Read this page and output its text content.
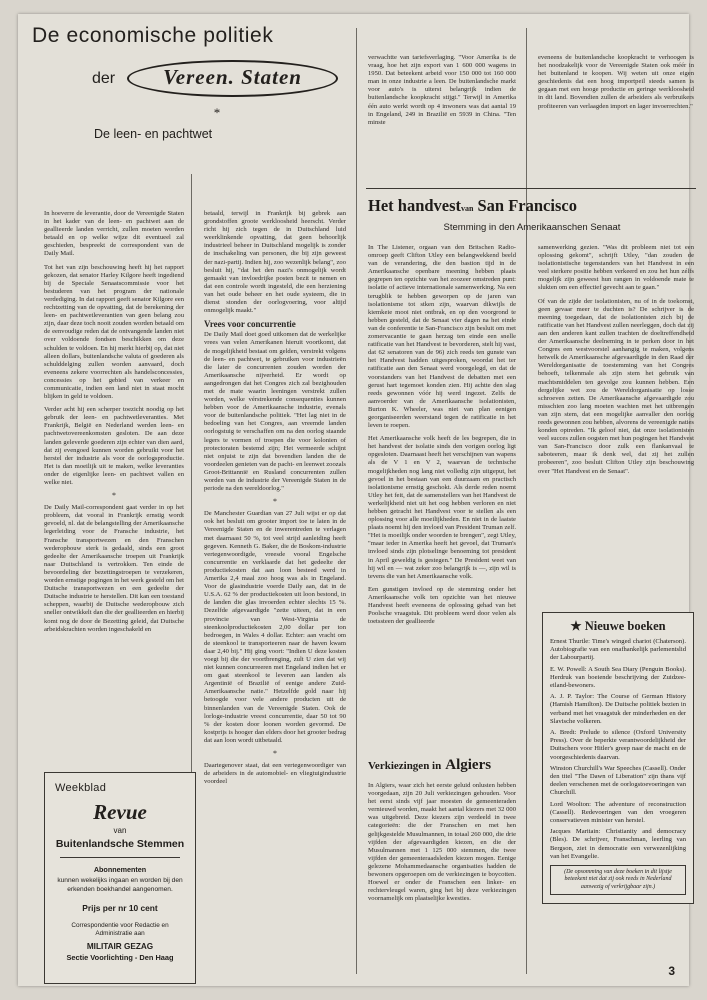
De economische politiek
der	Vereen. Staten
*
De leen- en pachtwet

In hoeverre de leverantie, door de Vereenigde Staten in het kader van de leen- en pachtwet aan de geallieerde landen verricht, zullen moeten worden betaald en op welke wijze dit eventueel zal geschieden, bespreekt de correspondent van de Daily Mail.

Tot het van zijn beschouwing heeft hij het rapport gekozen, dat senator Harley Kilgore heeft ingediend bij de Speciale Senaatscommissie voor het bestuderen van het program der nationale verdediging. In dat rapport geeft senator Kilgore een rechtzetting van de opvatting, dat de berekening der leen- en pachtwetleverantien van geen belang zou zijn, daar deze toch nooit zouden worden betaald om de eenvoudige reden dat de ontvangende landen niet over voldoende fondsen beschikken om deze schulden te voldoen. En hij merkt hierbij op, dat niet alleen dollars, buitenlandsche valuta of goederen als schulddelging zullen worden aanvaard, doch eveneens zekere voorrechten als handelsconcessies, concessies op het gebied van verkeer en communicatie, indien een land niet in staat mocht blijken in geld te voldoen.

Verder acht hij een scherper toezicht noodig op het gebruik der leen- en pachtwetleveranties. Met Frankrijk, België en Nederland werden leen- en pachtwetovereenkomsten gesloten. De aan deze landen geleverde goederen zijn echter van dien aard, dat zij evengoed kunnen worden gebruikt voor het herstel der industrie als voor de oorlogsproductie. Het is dan moeilijk uit te maken, welke leveranties onder de eigenlijke leen- en pachtwet vallen en welke niet.

*

De Daily Mail-correspondent gaat verder in op het probleem, dat vooral in Frankrijk ernstig wordt gevoeld, nl. dat de belangstelling der Amerikaansche legerleiding voor de Fransche industrie, het Fransche transportwezen en den Franschen wederopbouw sterk is gedaald, sinds een groot gedeelte der Amerikaansche troepen uit Frankrijk naar Duitschland is vertrokken. Ten einde de bevoordeling der bezettingstroepen te verzekeren, worden ernstige pogingen in het werk gesteld om het Duitsche transportwezen en een gedeelte der Duitsche industrie te herstellen. Dit kan een toestand scheppen, waarbij de Duitsche wederopbouw zich sneller ontwikkelt dan die der geallieerden en hierbij komt nog de door de Bezetting geleid, dat Duitsche arbeidskrachten worden ingeschakeld en

betaald, terwijl in Frankrijk bij gebrek aan grondstoffen groote werkloosheid heerscht. Verder richt hij zich tegen de in Duitschland luid weerklinkende opvatting, dat geen behoorlijk industrieel beheer in Duitschland mogelijk is zonder de inschakeling van personen, die bij zijn geweest der nazi-partij. Indien hij, zoo wezenlijk belang", zoo besluit hij, "dat het den nazi's onmogelijk wordt gemaakt van invloedrijke posten bezit te nemen en dat een controle wordt ingesteld, die een herziening van het oude beheer en het oude systeem, die in dienst stonden der oorlogvoering, voor altijd onmogelijk maakt."

Vrees voor concurrentie

De Daily Mail doet goed uitkomen dat de werkelijke vrees van velen Amerikanen hieruit voortkomt, dat de mogelijkheid bestaat om gelden, verstrekt volgens de leen- en pachtwet, te gebruiken voor industrieën die later de concurrenten zouden worden der Amerikaansche nijverheid. Er wordt op aangedrongen dat het Congres zich zal bezighouden met de mate waarin leeningen verstrekt zullen worden, welke vérstrekende consequenties kunnen hebben voor de Amerikaansche industrie, evenals voor de buitenlandsche politiek. "Het lag niet in de bedoeling van het Congres, aan vreemde landen oorlogstuig te verschaffen om na den oorlog staande legers te vormen of troepen die voor kolonien of protectoraten bestemd zijn; Het vermeerde schijnt niet onjuist te zijn dat bovendien landen die de voordeelen genieten van de pacht- en leenwet zoozals Groot-Brittannië en Rusland concurrenten zullen worden van de industrie der Vereenigde Staten in de periode na den wereldoorlog."

*

De Manchester Guardian van 27 Juli wijst er op dat ook het besluit om grooter import toe te laten in de Vereenigde Staten en de inwerentreden te verlagen met daarnaast 50 %, tot veel strijd aanleiding heeft gegeven. Kenneth G. Baker, die de Boskom-industrie vertegenwoordigde, vreesde vooral Engelsche concurrentie en verklaarde dat het gedeelte der productiekosten dat aan loon besteed werd in Amerika 2,4 maal zoo hoog was als in Engeland. Voor de glasindustrie voerde Daily aan, dat in de U.S.A. 62 % der productiekosten uit loon bestond, in de landen die glas invoerden echter slechts 15 %. Dezelfde afgevaardigde "zette uiteen, dat in een provincie van West-Virginia de steenkoolproductiekosten 2,00 dollar per ton bedroegen, in Wales 4 dollar. Echter: aan vracht om de steenkool te transporteeren naar de haven kwam daar 2,40 bij." Hij ging voort: "Indien U deze kosten voegt bij die der voortbrenging, zult U zien dat wij niet kunnen concurreeren met Engeland indien het er om gaat steenkool te leveren aan landen als Argentinië of Brazilië of eenige andere Zuid-Amerikaansche natie." Hetzelfde gold naar hij betoogde voor vele andere producten uit de binnenlanden van de Vereenigde Staten. Ook de lorloge-industrie vreest concurrentie, daar 50 tot 90 % der kosten door loonen worden gevormd. De kostprijs is hooger dan elders door het grooter bedrag dat aan loon wordt uitbetaald.

*

Daartegenover staat, dat een vertegenwoordiger van de arbeiders in de automobiel- en vliegtuigindustrie voordeel

verwachtte van tariefsverlaging. "Voor Amerika is de vraag, hoe het zijn export van 1 600 000 wagens in 1950. Dat beteekent arbeid voor 150 000 tot 160 000 man in onze industrie a leen. De buitenlandsche markt voor auto's is uiterst belangrijk indien de buitenlandsche koopkracht stijgt." Terwijl in Amerika één auto werkt wordt op 4 inwoners was dat aantal 19 in Engeland, 249 in Brazilië en 5939 in China. "Ten minste

eveneens de buitenlandsche koopkracht te verhoogen is het noodzakelijk voor de Vereenigde Staten ook méér in het buitenland te koopen. Wij weten uit onze eigen geschiedenis dat een hoog importpeil steeds samen is gegaan met een hooge productie en geringe werkloosheid in dit land. Bovendien zullen de arbeiders als verbruikers profiteeren van verlaagden import en lager invoerrechten."

Het handvestvan San Francisco
Stemming in den Amerikaanschen Senaat

In The Listener, orgaan van den Britschen Radio-omroep geeft Clifton Utley een belangwekkend beeld van de verandering, die den bastion tijd in de Amerikaansche openbare meening hebben plaats gegrepen ten opzichte van het zoozeer omstreden punt: isolatie of actieve internationale samenwerking. Na een terugblik te hebben geworpen op de jaren van isolationisme tot stken zijn, waarvan dikwijls de kiemkeie mooi niet ontbrak, en op den voorgrond te hebben gesteld, dat de Senaat vier dagen na het einde van de conferentie te San-Francisco zijn besluit om met zomervacantie te gaan herzag ten einde een snelle ratificatie van het Handvest te bevorderen, stelt hij vast, dat 62 senatoren van de 96) zich reeds ten gunste van het Handvest hadden uitgesproken, woordat het ter ratificatie aan den Senaat werd voorgelegd, en dat de voorstanders van het Handvest de debatten met een gerust hart tegemoet konden zien. Hij achtte den slag reeds gewonnen vóór hij werd ingezet. Zelfs de aanvoerder van de Amerikaansche isolationisten, Burton K. Wheeler, was niet van plan eenigen georganiseerden weerstand tegen de ratificatie in het leven te roepen.

Het Amerikaansche volk heeft de les begrepen, die in het handvest der isolatie sinds den vorigen oorlog ligt opgesloten. Daarnaast heeft het verschijnen van wapens als de V 1 en V 2, waarvan de technische mogelijkheden nog lang niet volledig zijn uitgeput, het gevoel in het bestaan van een duurzaam en practisch isolationisme ernstig geschokt. Als derde reden noemt Utley het feit, dat de samenstellers van het Handvest de werkelijkheid niet uit het oog hebben verloren en niet hebben getracht het Handvest voor te stellen als een oplossing voor alle moeilijkheden. En niet in de laatste plaats noemt hij den invloed van President Truman zelf. "Het is moeilijk onder woorden te brengen", zegt Utley, "maar ieder in Amerika heeft het gevoel, dat Truman's invloed sinds zijn plotselinge benoeming tot president in April geweldig is gestegen." De President weet van hij wil en — wat zeker zoo belangrijk is —, zijn wil is tevens die van het Amerikaansche volk.

Een gunstigen invloed op de stemming onder het Amerikaansche volk ten opzichte van het nieuwe Handvest heeft eveneens de oplossing gehad van het Poolsche vraagstuk. Dit probleem werd door velen als toetssteen der geallieerde

Verkiezingen in Algiers

In Algiers, waar zich het eerste geluid onlusten hebben voorgedaan, zijn 20 Juli verkiezingen gehouden. Voor het eerst sinds vijf jaar moesten de gemeenteraden vernieuwd worden, maakt het aantal kiezers met 32 000 was uitgebreid. Deze kiezers zijn verdeeld in twee categorieën: die der Franschen en met hen gelijkgestelde Musulmannen, in totaal 260 000, die drie vijfden der afgevaardigden kiezen, en die der Musulmannen met 1 125 000 stemmen, die twee vijfden der gemeenteraadsleden kiezen mogen. Eenige gelezene Mohammedaansche organisaties hadden de bewoners opgeroepen om de verkiezingen te boycotten. Hoewel er onder de Franschen een linker- en rechtervleugel waren, ging het bij deze verkiezingen voornamelijk om plaatselijke kwesties.

samenwerking gezien. "Was dit probleem niet tot een oplossing gekomt", schrijft Utley, "dan zouden de isolationistische tegenstanders van het Handvest in een veel sterkere positie hebben verkeerd en zou het hun zélfs mogelijk zijn geweest hun rangen in voldoende mate te slukten om een effectief gevecht aan te gaan."

Of van de zijde der isolationisten, nu of in de toekomst, geen gevaar meer te duchten is? De schrijver is de meening toegedaan, dat de isolationisten zich bij de ratificatie van het Handvest zullen neerleggen, doch dat zij aan den anderen kant zullen trachten de doeltreffendheid der Amerikaansche deelneming in te perken door in het Congres een westvoorstel aanhangig te maken, volgens hetwelk de Amerikaansche afgevaardigde in den Raad der Wereldorganisatie de toestemming van het Congres behoeft, telkenmale als zijn stem het gebruik van machtsmiddelen ten gevolge zou kunnen hebben. Een dergelijke wet zou de Wereldorganisatie op losse schroeven zetten. De Amerikaansche afgevaardigde zou misschien zoo lang moeten wachten met het uitbrengen van zijn stem, dat een mogelijke aanvaller den oorlog reeds gewonnen zou hebben, alvorens de vereenigde naties konden optreden. "Ik geloof niet, dat onze isolationisten veel succes zullen oogsten met hun pogingen het Handvest van San-Francisco door zulk een flankanvaal te saboteeren, maar ik denk wel, dat zij het zullen probeeren", zoo besluit Clifton Utley zijn beschouwing over "Het Handvest en de Senaat".

★ Nieuwe boeken

Ernest Thurtle: Time's winged chariot (Chaterson). Autobiografie van een onafhankelijk parlementslid der Labourpartij.

E. W. Powell: A South Sea Diary (Penguin Books). Herdruk van boeiende beschrijving der Zuidzee-eiland-bewoners.

A. J. P. Taylor: The Course of German History (Hamish Hamilton). De Duitsche politiek bezien in verband met het vraagstuk der minderheden en der Slavische volkeren.

A. Bredt: Prelude to silence (Oxford University Press). Over de beperkte verantwoordelijkheid der Duitschers voor Hitler's greep naar de macht en de voorgeschiedenis daarvan.

Winston Churchill's War Speeches (Cassell). Onder den titel "The Dawn of Liberation" zijn thans vijf deelen verschenen met de oorlogstoevoeringen van Churchill.

Lord Woolton: The adventure of reconstruction (Cassell). Redevoeringen van den vroegeren conservatieven minister van herstel.

Jacques Maritain: Christianity and democracy (Bles). De schrijver, Franschman, leerling van Bergson, ziet in democratie een verwezenlijking van het Evangelie.

(De opsomming van deze boeken in dit lijstje beteekent niet dat zij ook reeds in Nederland aanwezig of verkrijgbaar zijn.)
Weekblad
Revue
van
Buitenlandsche Stemmen
Abonnementen
kunnen wekelijks ingaan en worden bij den erkenden boekhandel aangenomen.
Prijs per nr 10 cent
Correspondentie voor Redactie en Administratie aan
MILITAIR GEZAG
Sectie Voorlichting - Den Haag
3
